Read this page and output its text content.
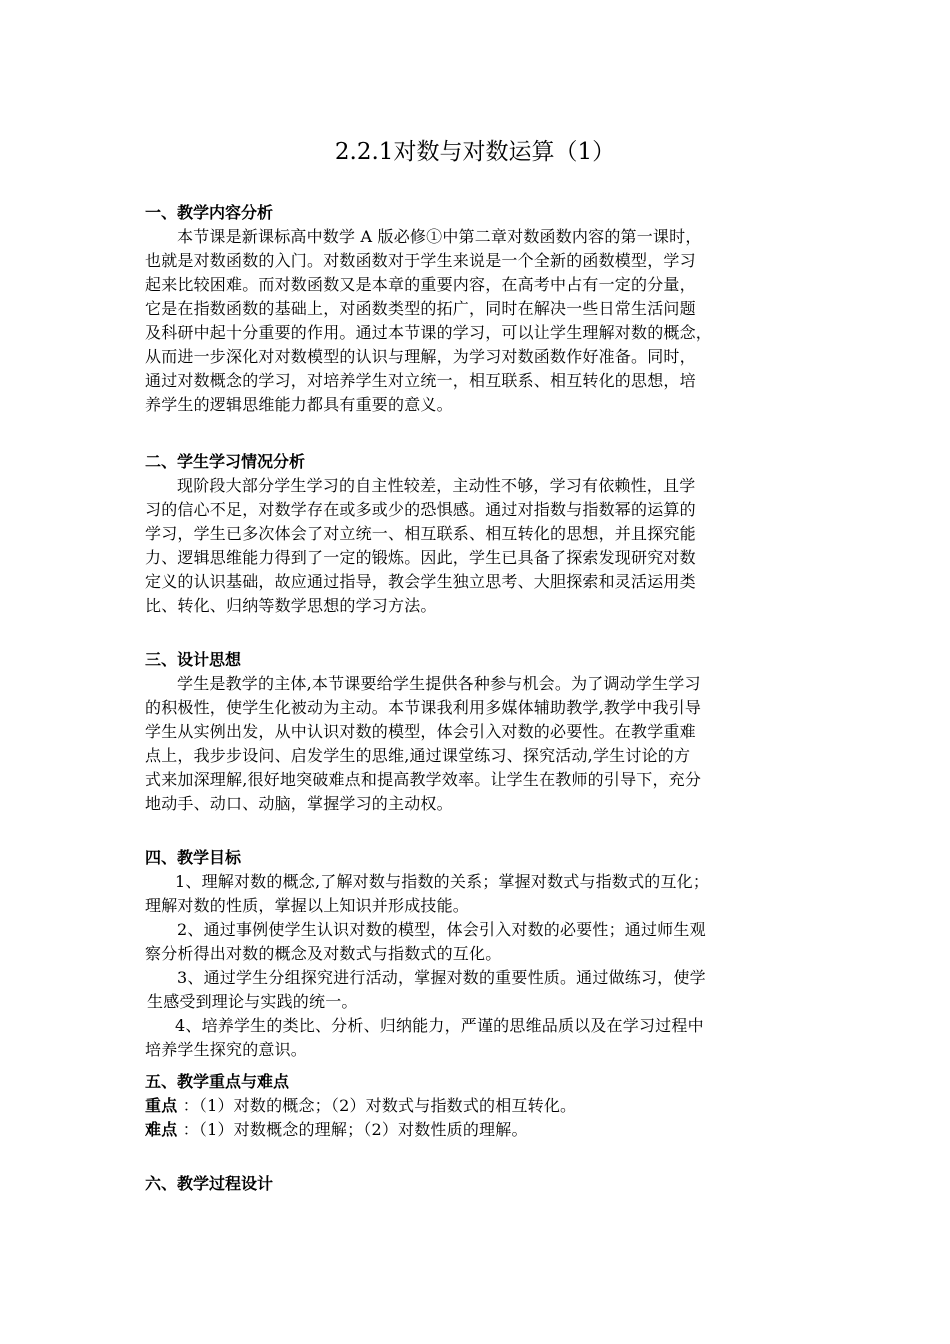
2.2.1对数与对数运算（1）
一、教学内容分析
本节课是新课标高中数学 A 版必修①中第二章对数函数内容的第一课时，
也就是对数函数的入门。对数函数对于学生来说是一个全新的函数模型，学习
起来比较困难。而对数函数又是本章的重要内容，在高考中占有一定的分量，
它是在指数函数的基础上，对函数类型的拓广，同时在解决一些日常生活问题
及科研中起十分重要的作用。通过本节课的学习，可以让学生理解对数的概念，
从而进一步深化对对数模型的认识与理解，为学习对数函数作好准备。同时，
通过对数概念的学习，对培养学生对立统一，相互联系、相互转化的思想，培
养学生的逻辑思维能力都具有重要的意义。
二、学生学习情况分析
现阶段大部分学生学习的自主性较差，主动性不够，学习有依赖性，且学
习的信心不足，对数学存在或多或少的恐惧感。通过对指数与指数幂的运算的
学习，学生已多次体会了对立统一、相互联系、相互转化的思想，并且探究能
力、逻辑思维能力得到了一定的锻炼。因此，学生已具备了探索发现研究对数
定义的认识基础，故应通过指导，教会学生独立思考、大胆探索和灵活运用类
比、转化、归纳等数学思想的学习方法。
三、设计思想
学生是教学的主体,本节课要给学生提供各种参与机会。为了调动学生学习
的积极性，使学生化被动为主动。本节课我利用多媒体辅助教学,教学中我引导
学生从实例出发，从中认识对数的模型，体会引入对数的必要性。在教学重难
点上，我步步设问、启发学生的思维,通过课堂练习、探究活动,学生讨论的方
式来加深理解,很好地突破难点和提高教学效率。让学生在教师的引导下，充分
地动手、动口、动脑，掌握学习的主动权。
四、教学目标
1、理解对数的概念,了解对数与指数的关系；掌握对数式与指数式的互化；
理解对数的性质，掌握以上知识并形成技能。
2、通过事例使学生认识对数的模型，体会引入对数的必要性；通过师生观
察分析得出对数的概念及对数式与指数式的互化。
3、通过学生分组探究进行活动，掌握对数的重要性质。通过做练习，使学
生感受到理论与实践的统一。
4、培养学生的类比、分析、归纳能力，严谨的思维品质以及在学习过程中
培养学生探究的意识。
五、教学重点与难点
重点 ：（1）对数的概念；（2）对数式与指数式的相互转化。
难点 ：（1）对数概念的理解；（2）对数性质的理解。
六、教学过程设计
